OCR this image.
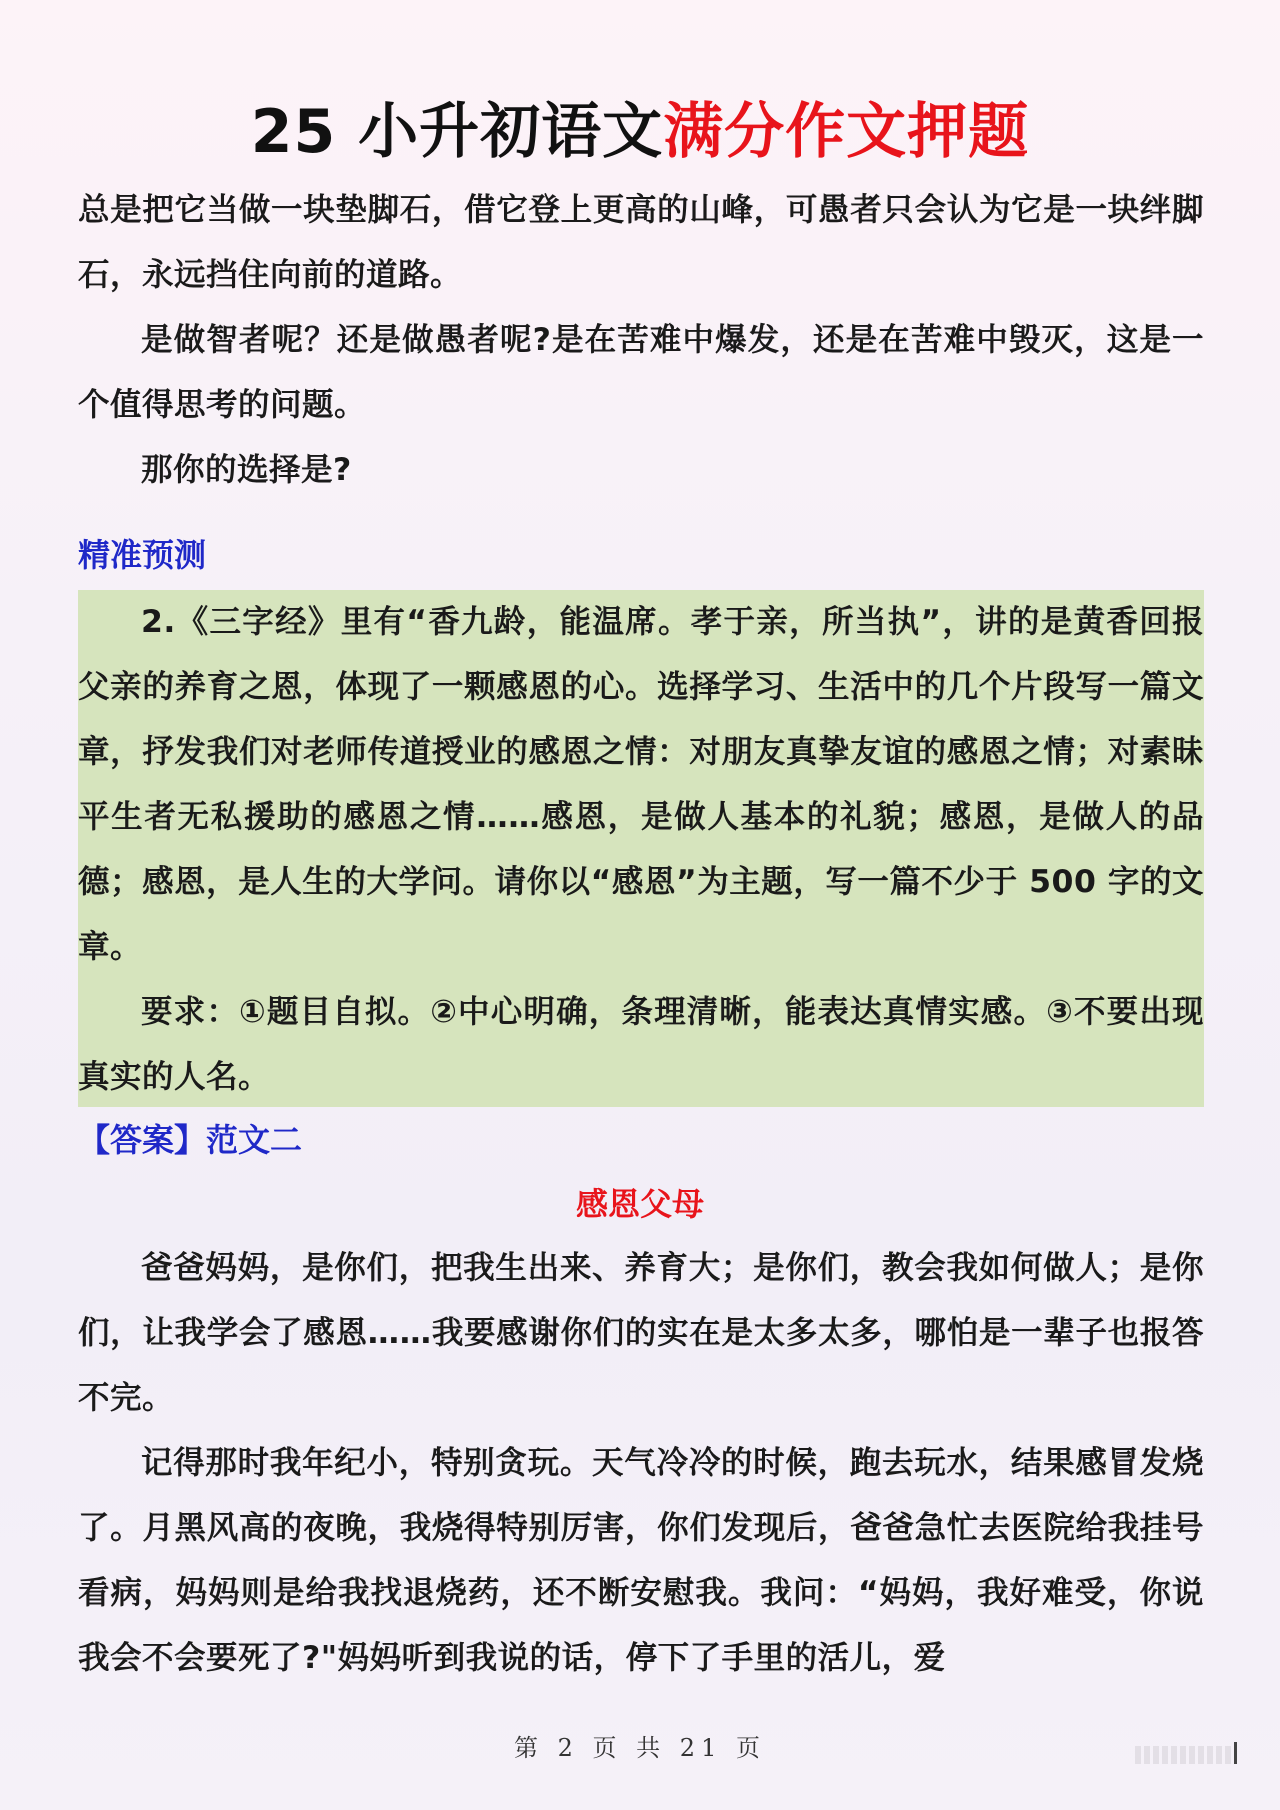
25 小升初语文满分作文押题

总是把它当做一块垫脚石，借它登上更高的山峰，可愚者只会认为它是一块绊脚石，永远挡住向前的道路。

是做智者呢？还是做愚者呢?是在苦难中爆发，还是在苦难中毁灭，这是一个值得思考的问题。

那你的选择是?

精准预测

2.《三字经》里有“香九龄，能温席。孝于亲，所当执”，讲的是黄香回报父亲的养育之恩，体现了一颗感恩的心。选择学习、生活中的几个片段写一篇文章，抒发我们对老师传道授业的感恩之情：对朋友真挚友谊的感恩之情；对素昧平生者无私援助的感恩之情……感恩，是做人基本的礼貌；感恩，是做人的品德；感恩，是人生的大学问。请你以“感恩”为主题，写一篇不少于 500 字的文章。

要求：①题目自拟。②中心明确，条理清晰，能表达真情实感。③不要出现真实的人名。

【答案】范文二
感恩父母

爸爸妈妈，是你们，把我生出来、养育大；是你们，教会我如何做人；是你们，让我学会了感恩……我要感谢你们的实在是太多太多，哪怕是一辈子也报答不完。

记得那时我年纪小，特别贪玩。天气冷冷的时候，跑去玩水，结果感冒发烧了。月黑风高的夜晚，我烧得特别厉害，你们发现后，爸爸急忙去医院给我挂号看病，妈妈则是给我找退烧药，还不断安慰我。我问：“妈妈，我好难受，你说我会不会要死了?"妈妈听到我说的话，停下了手里的活儿，爱

第 2 页 共 21 页
